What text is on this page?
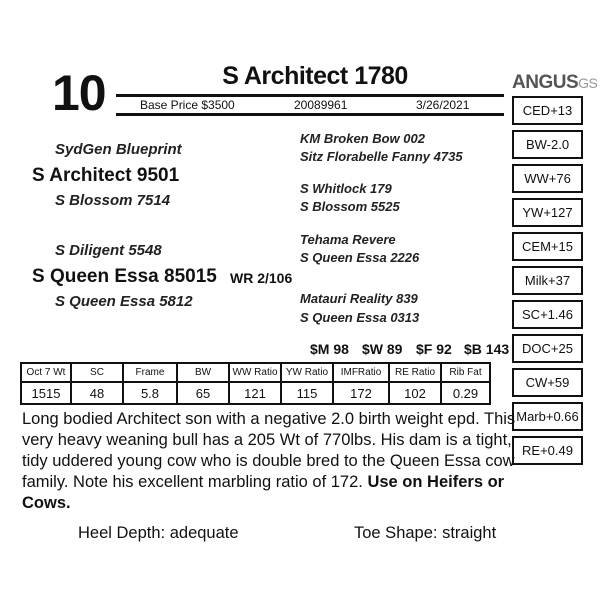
10	S Architect 1780
Base Price $3500	20089961	3/26/2021
ANGUSGS
CED+13
BW-2.0
WW+76
YW+127
CEM+15
Milk+37
SC+1.46
DOC+25
CW+59
Marb+0.66
RE+0.49
SydGen Blueprint
S Architect 9501
S Blossom 7514
S Diligent 5548
S Queen Essa 85015 WR 2/106
S Queen Essa 5812
KM Broken Bow 002
Sitz Florabelle Fanny 4735
S Whitlock 179
S Blossom 5525
Tehama Revere
S Queen Essa 2226
Matauri Reality 839
S Queen Essa 0313
$M 98 $W 89 $F 92 $B 143
Oct 7 Wt	SC	Frame	BW	WW Ratio	YW Ratio	IMFRatio	RE Ratio	Rib Fat
1515	48	5.8	65	121	115	172	102	0.29
Long bodied Architect son with a negative 2.0 birth weight epd. This very heavy weaning bull has a 205 Wt of 770lbs. His dam is a tight, tidy uddered young cow who is double bred to the Queen Essa cow family. Note his excellent marbling ratio of 172. Use on Heifers or Cows.
Heel Depth: adequate	Toe Shape: straight
